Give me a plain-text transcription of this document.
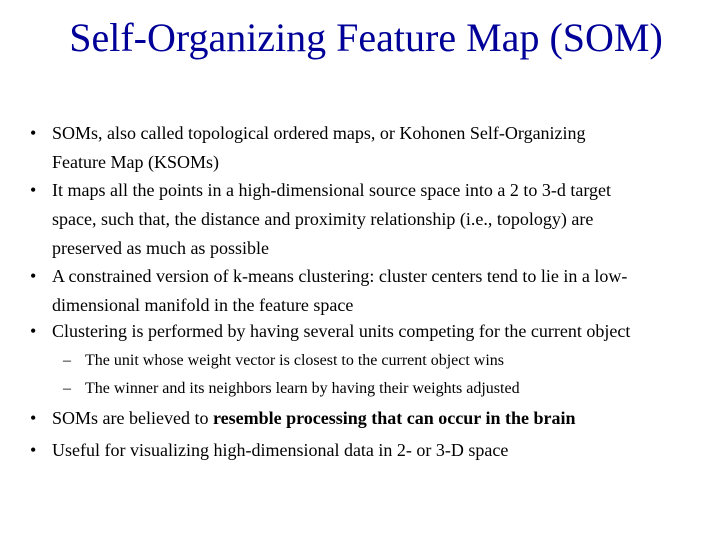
Self-Organizing Feature Map (SOM)
• SOMs, also called topological ordered maps, or Kohonen Self-Organizing
Feature Map (KSOMs)
• It maps all the points in a high-dimensional source space into a 2 to 3-d target
space, such that, the distance and proximity relationship (i.e., topology) are
preserved as much as possible
• A constrained version of k-means clustering: cluster centers tend to lie in a low-
dimensional manifold in the feature space
• Clustering is performed by having several units competing for the current object
– The unit whose weight vector is closest to the current object wins
– The winner and its neighbors learn by having their weights adjusted
• SOMs are believed to resemble processing that can occur in the brain
• Useful for visualizing high-dimensional data in 2- or 3-D space
